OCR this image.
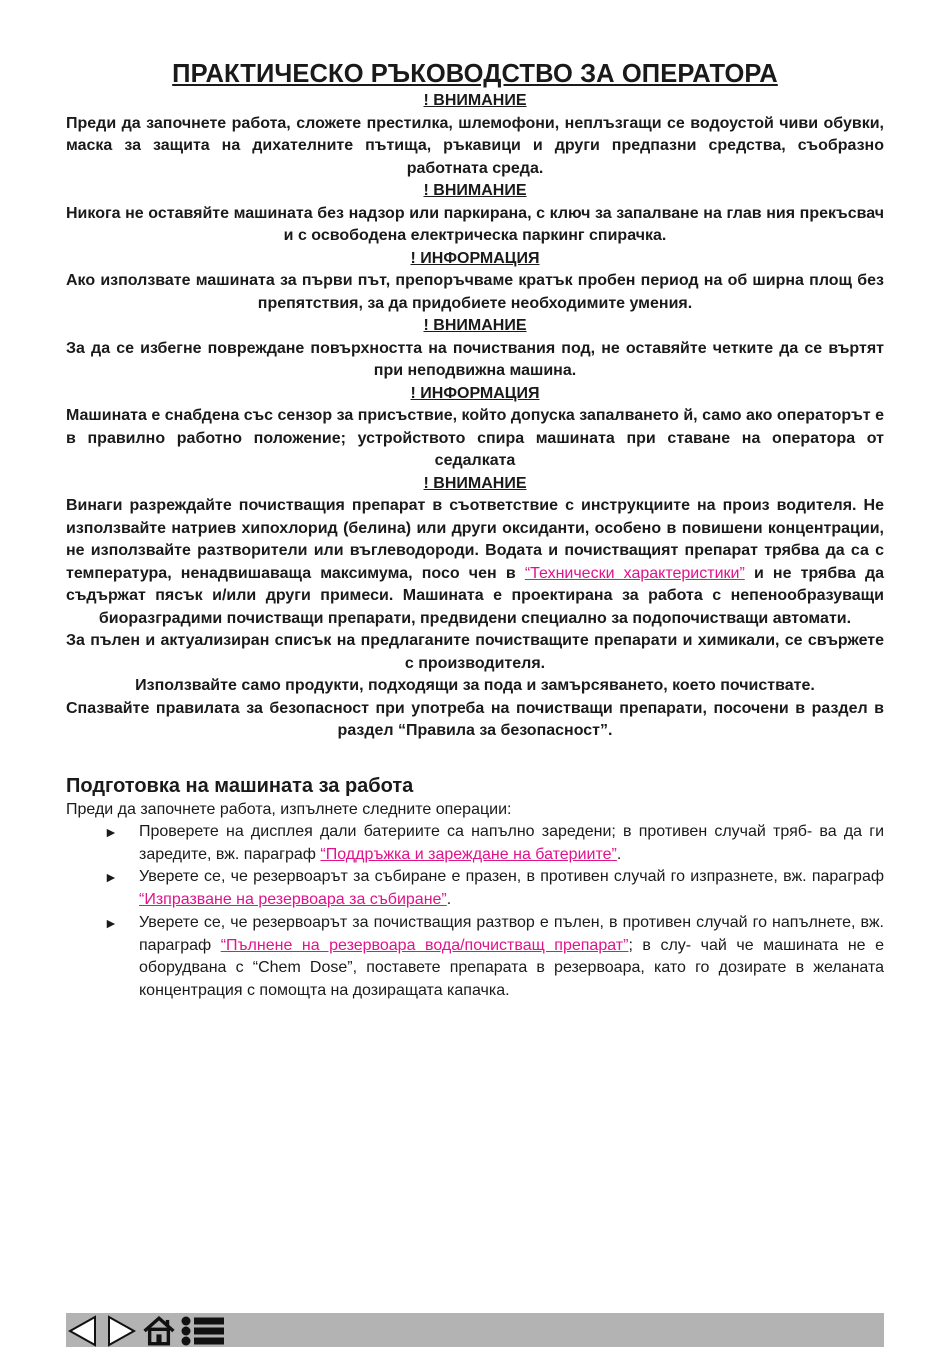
ПРАКТИЧЕСКО РЪКОВОДСТВО ЗА ОПЕРАТОРА

! ВНИМАНИЕ

Преди да започнете работа, сложете престилка, шлемофони, неплъзгащи се водоустой чиви обувки, маска за защита на дихателните пътища, ръкавици и други предпазни средства, съобразно работната среда.

! ВНИМАНИЕ

Никога не оставяйте машината без надзор или паркирана, с ключ за запалване на глав ния прекъсвач и с освободена електрическа паркинг спирачка.

! ИНФОРМАЦИЯ

Ако използвате машината за първи път, препоръчваме кратък пробен период на об ширна площ без препятствия, за да придобиете необходимите умения.

! ВНИМАНИЕ

За да се избегне повреждане повърхността на почиствания под, не оставяйте четките да се въртят при неподвижна машина.

! ИНФОРМАЦИЯ

Машината е снабдена със сензор за присъствие, който допуска запалването й, само ако операторът е в правилно работно положение; устройството спира машината при ставане на оператора от седалката

! ВНИМАНИЕ

Винаги разреждайте почистващия препарат в съответствие с инструкциите на произ водителя. Не използвайте натриев хипохлорид (белина) или други оксиданти, особено в повишени концентрации, не използвайте разтворители или въглеводороди. Водата и почистващият препарат трябва да са с температура, ненадвишаваща максимума, посо чен в “Технически характеристики” и не трябва да съдържат пясък и/или други примеси. Машината е проектирана за работа с непенообразуващи биоразградими почистващи препарати, предвидени специално за подопочистващи автомати.

За пълен и актуализиран списък на предлаганите почистващите препарати и химикали, се свържете с производителя.

Използвайте само продукти, подходящи за пода и замърсяването, което почиствате.

Спазвайте правилата за безопасност при употреба на почистващи препарати, посочени в раздел в раздел “Правила за безопасност”.

Подготовка на машината за работа

Преди да започнете работа, изпълнете следните операции:

► Проверете на дисплея дали батериите са напълно заредени; в противен случай тряб- ва да ги заредите, вж. параграф “Поддръжка и зареждане на батериите”.
► Уверете се, че резервоарът за събиране е празен, в противен случай го изпразнете, вж. параграф “Изпразване на резервоара за събиране”.
► Уверете се, че резервоарът за почистващия разтвор е пълен, в противен случай го напълнете, вж. параграф “Пълнене на резервоара вода/почистващ препарат”; в слу- чай че машината не е оборудвана с “Chem Dose”, поставете препарата в резервоара, като го дозирате в желаната концентрация с помощта на дозиращата капачка.
